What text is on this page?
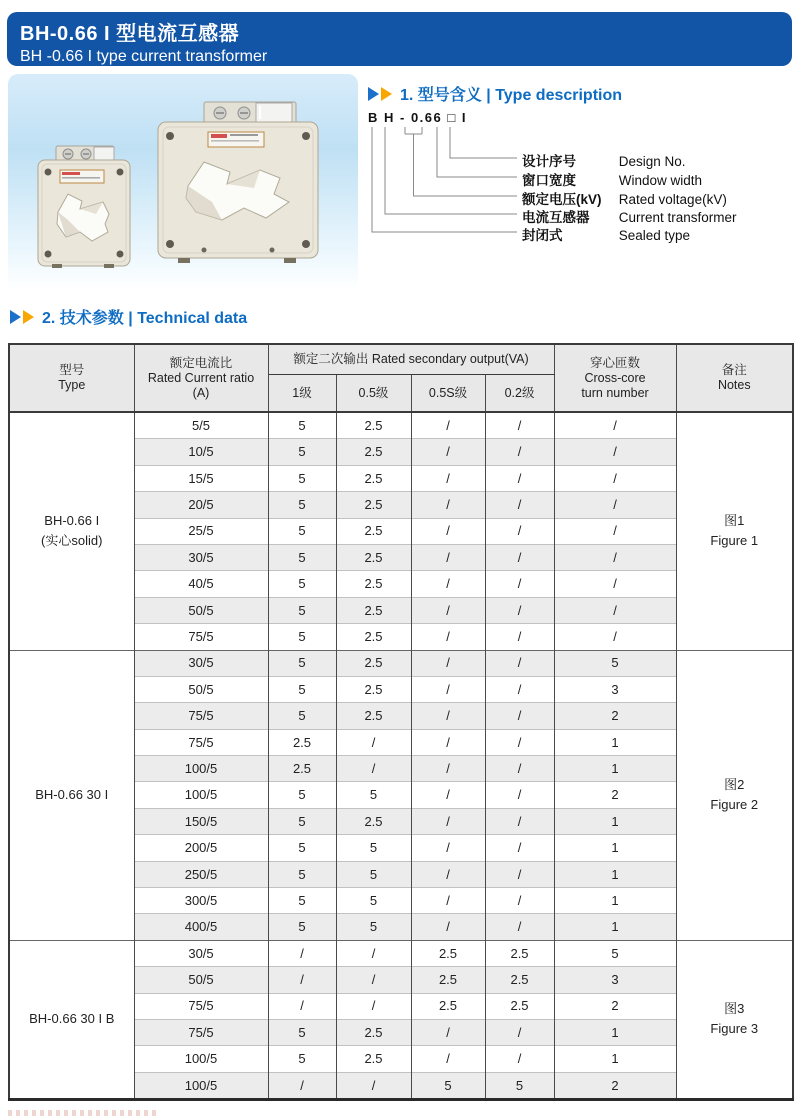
BH-0.66 I 型电流互感器
BH -0.66 I type current transformer
1. 型号含义 | Type description
B H - 0.66 □ I
设计序号	Design No.
窗口宽度	Window width
额定电压(kV) Rated voltage(kV)
电流互感器 Current transformer
封闭式	Sealed type
2. 技术参数 | Technical data
型号
Type

额定电流比
Rated Current ratio
(A)
	额定二次输出 Rated secondary output(VA)	穿心匝数
Cross-core
turn number

备注
Notes

		1级	0.5级	0.5S级	0.2级		

BH-0.66 I
(实心solid)
	5/5	5	2.5	/	/	/	
图1
Figure 1

	10/5	5	2.5	/	/	/	
	15/5	5	2.5	/	/	/	
	20/5	5	2.5	/	/	/	
	25/5	5	2.5	/	/	/	
	30/5	5	2.5	/	/	/	
	40/5	5	2.5	/	/	/	
	50/5	5	2.5	/	/	/	
	75/5	5	2.5	/	/	/	

BH-0.66 30 I	30/5	5	2.5	/	/	5	图2
Figure 2

	50/5	5	2.5	/	/	3	
	75/5	5	2.5	/	/	2	
	75/5	2.5	/	/	/	1	
	100/5	2.5	/	/	/	1	
	100/5	5	5	/	/	2	
	150/5	5	2.5	/	/	1	
	200/5	5	5	/	/	1	
	250/5	5	5	/	/	1	
	300/5	5	5	/	/	1	
	400/5	5	5	/	/	1	

BH-0.66 30 I B	30/5	/	/	2.5	2.5	5	图3
Figure 3

	50/5	/	/	2.5	2.5	3	
	75/5	/	/	2.5	2.5	2	
	75/5	5	2.5	/	/	1	
	100/5	5	2.5	/	/	1	
	100/5	/	/	5	5	2	
